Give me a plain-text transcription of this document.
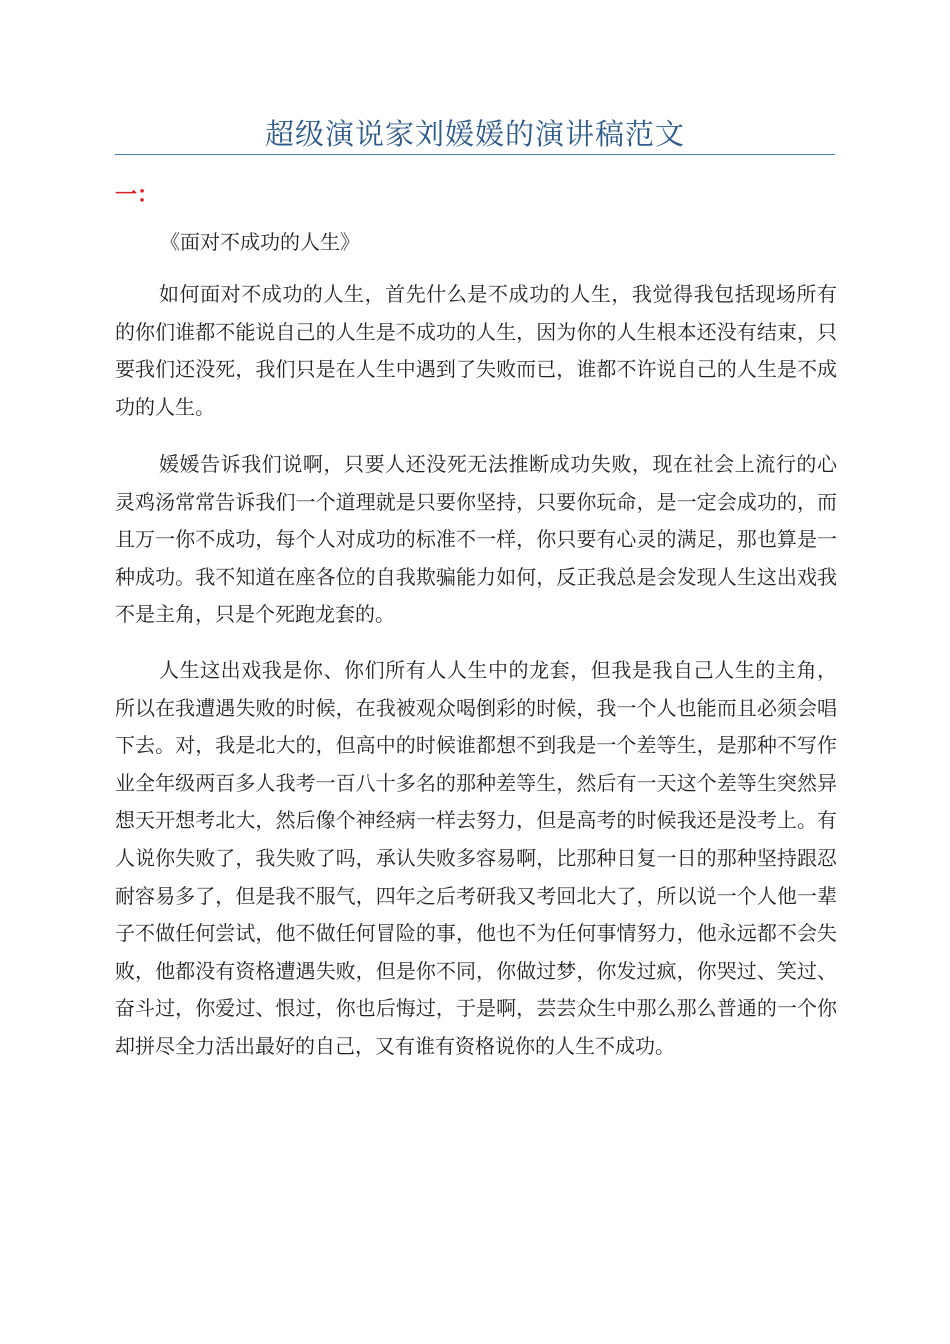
超级演说家刘媛媛的演讲稿范文
一：

《面对不成功的人生》

如何面对不成功的人生，首先什么是不成功的人生，我觉得我包括现场所有的你们谁都不能说自己的人生是不成功的人生，因为你的人生根本还没有结束，只要我们还没死，我们只是在人生中遇到了失败而已，谁都不许说自己的人生是不成功的人生。

媛媛告诉我们说啊，只要人还没死无法推断成功失败，现在社会上流行的心灵鸡汤常常告诉我们一个道理就是只要你坚持，只要你玩命，是一定会成功的，而且万一你不成功，每个人对成功的标准不一样，你只要有心灵的满足，那也算是一种成功。我不知道在座各位的自我欺骗能力如何，反正我总是会发现人生这出戏我不是主角，只是个死跑龙套的。

人生这出戏我是你、你们所有人人生中的龙套，但我是我自己人生的主角，所以在我遭遇失败的时候，在我被观众喝倒彩的时候，我一个人也能而且必须会唱下去。对，我是北大的，但高中的时候谁都想不到我是一个差等生，是那种不写作业全年级两百多人我考一百八十多名的那种差等生，然后有一天这个差等生突然异想天开想考北大，然后像个神经病一样去努力，但是高考的时候我还是没考上。有人说你失败了，我失败了吗，承认失败多容易啊，比那种日复一日的那种坚持跟忍耐容易多了，但是我不服气，四年之后考研我又考回北大了，所以说一个人他一辈子不做任何尝试，他不做任何冒险的事，他也不为任何事情努力，他永远都不会失败，他都没有资格遭遇失败，但是你不同，你做过梦，你发过疯，你哭过、笑过、奋斗过，你爱过、恨过，你也后悔过，于是啊，芸芸众生中那么那么普通的一个你却拼尽全力活出最好的自己，又有谁有资格说你的人生不成功。
